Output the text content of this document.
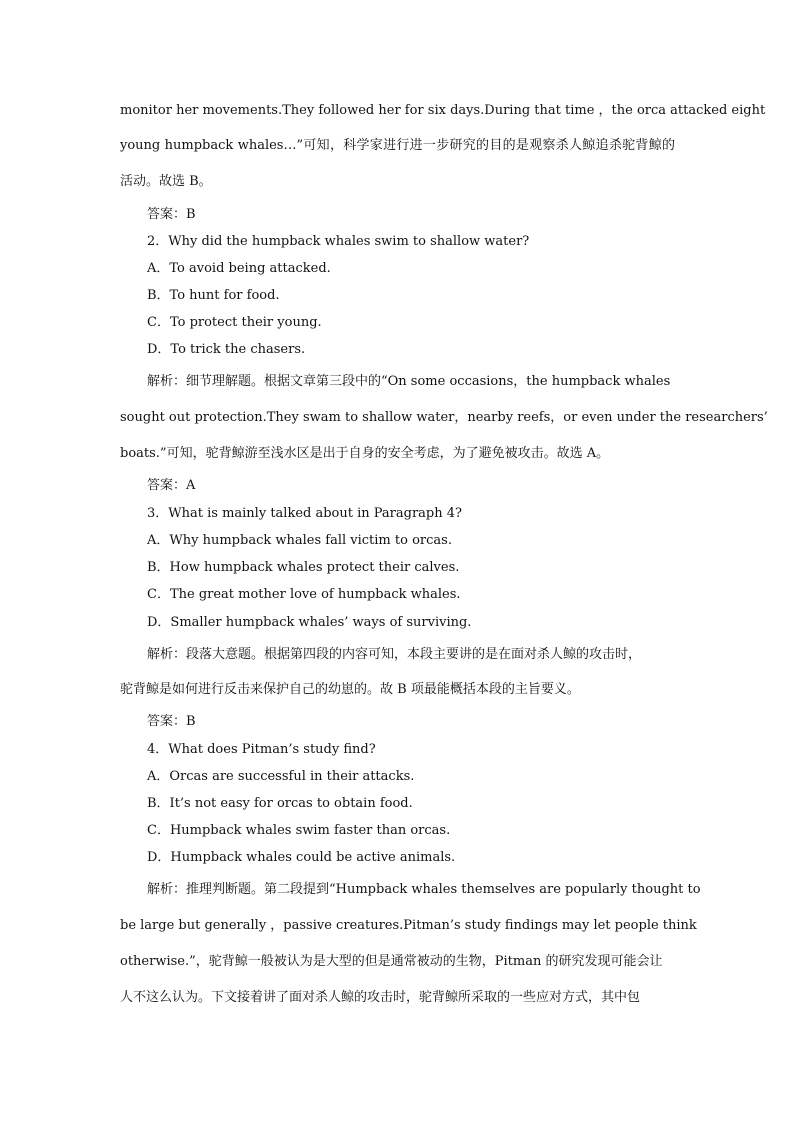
monitor her movements.They followed her for six days.During that time ，the orca attacked eight
young humpback whales…”可知，科学家进行进一步研究的目的是观察杀人鲸追杀驼背鲸的
活动。故选 B。
答案：B
2．Why did the humpback whales swim to shallow water?
A．To avoid being attacked.
B．To hunt for food.
C．To protect their young.
D．To trick the chasers.
解析：细节理解题。根据文章第三段中的“On some occasions，the humpback whales
sought out protection.They swam to shallow water，nearby reefs，or even under the researchers’
boats.”可知，驼背鲸游至浅水区是出于自身的安全考虑，为了避免被攻击。故选 A。
答案：A
3．What is mainly talked about in Paragraph 4?
A．Why humpback whales fall victim to orcas.
B．How humpback whales protect their calves.
C．The great mother love of humpback whales.
D．Smaller humpback whales’ ways of surviving.
解析：段落大意题。根据第四段的内容可知，本段主要讲的是在面对杀人鲸的攻击时，
驼背鲸是如何进行反击来保护自己的幼崽的。故 B 项最能概括本段的主旨要义。
答案：B
4．What does Pitman’s study find?
A．Orcas are successful in their attacks.
B．It’s not easy for orcas to obtain food.
C．Humpback whales swim faster than orcas.
D．Humpback whales could be active animals.
解析：推理判断题。第二段提到“Humpback whales themselves are popularly thought to
be large but generally ，passive creatures.Pitman’s study findings may let people think
otherwise.”，驼背鲸一般被认为是大型的但是通常被动的生物，Pitman 的研究发现可能会让
人不这么认为。下文接着讲了面对杀人鲸的攻击时，驼背鲸所采取的一些应对方式，其中包
